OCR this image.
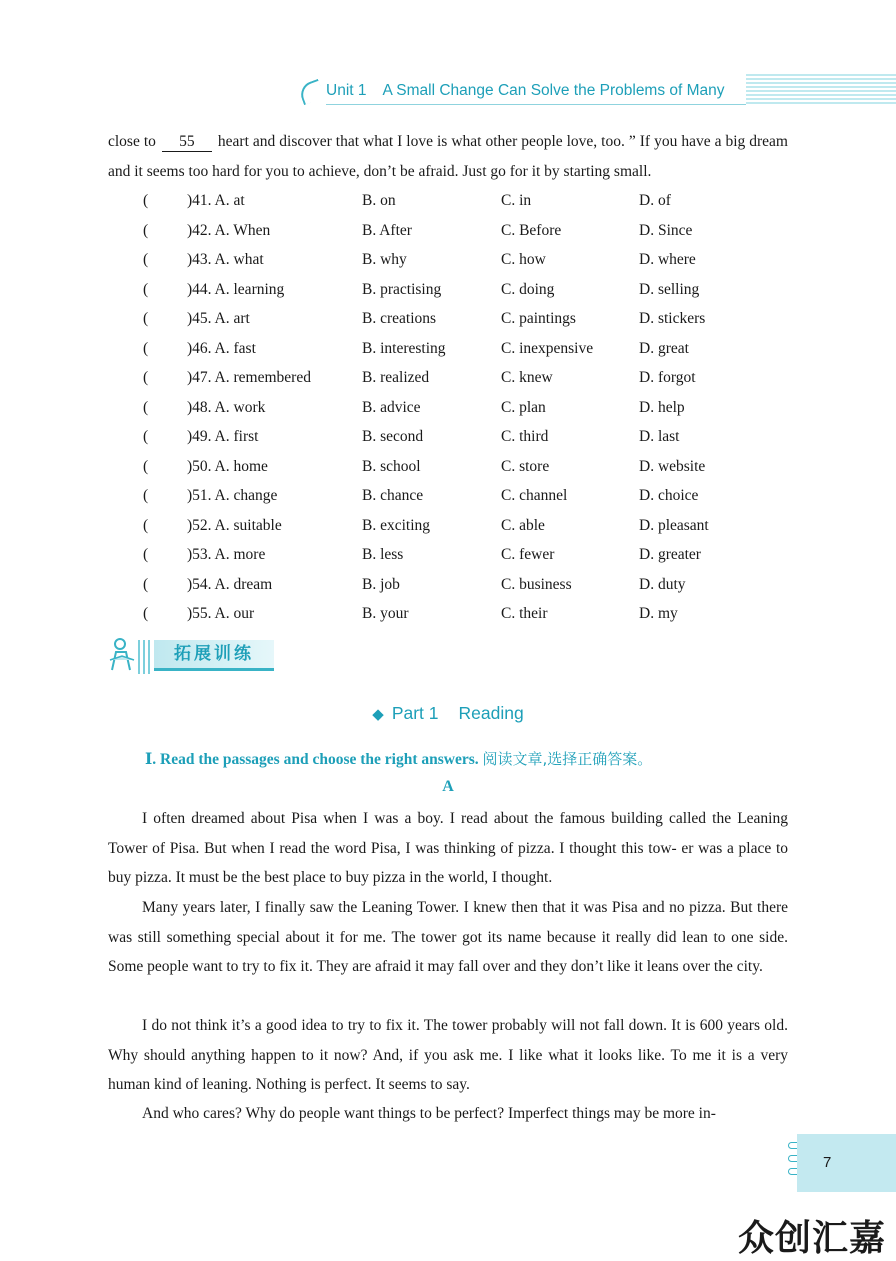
Unit 1 A Small Change Can Solve the Problems of Many

close to 55 heart and discover that what I love is what other people love, too. ” If you have a big dream and it seems too hard for you to achieve, don’t be afraid. Just go for it by starting small.

(	)41. A. at	B. on	C. in	D. of
(	)42. A. When	B. After	C. Before	D. Since
(	)43. A. what	B. why	C. how	D. where
(	)44. A. learning	B. practising	C. doing	D. selling
(	)45. A. art	B. creations	C. paintings	D. stickers
(	)46. A. fast	B. interesting	C. inexpensive	D. great
(	)47. A. remembered	B. realized	C. knew	D. forgot
(	)48. A. work	B. advice	C. plan	D. help
(	)49. A. first	B. second	C. third	D. last
(	)50. A. home	B. school	C. store	D. website
(	)51. A. change	B. chance	C. channel	D. choice
(	)52. A. suitable	B. exciting	C. able	D. pleasant
(	)53. A. more	B. less	C. fewer	D. greater
(	)54. A. dream	B. job	C. business	D. duty
(	)55. A. our	B. your	C. their	D. my
拓展训练
◆ Part 1 Reading
Ⅰ. Read the passages and choose the right answers. 阅读文章,选择正确答案。
A

I often dreamed about Pisa when I was a boy. I read about the famous building called the Leaning Tower of Pisa. But when I read the word Pisa, I was thinking of pizza. I thought this tow- er was a place to buy pizza. It must be the best place to buy pizza in the world, I thought.

Many years later, I finally saw the Leaning Tower. I knew then that it was Pisa and no pizza. But there was still something special about it for me. The tower got its name because it really did lean to one side. Some people want to try to fix it. They are afraid it may fall over and they don’t like it leans over the city.

I do not think it’s a good idea to try to fix it. The tower probably will not fall down. It is 600 years old. Why should anything happen to it now? And, if you ask me. I like what it looks like. To me it is a very human kind of leaning. Nothing is perfect. It seems to say.

And who cares? Why do people want things to be perfect? Imperfect things may be more in-

7
众创汇嘉
